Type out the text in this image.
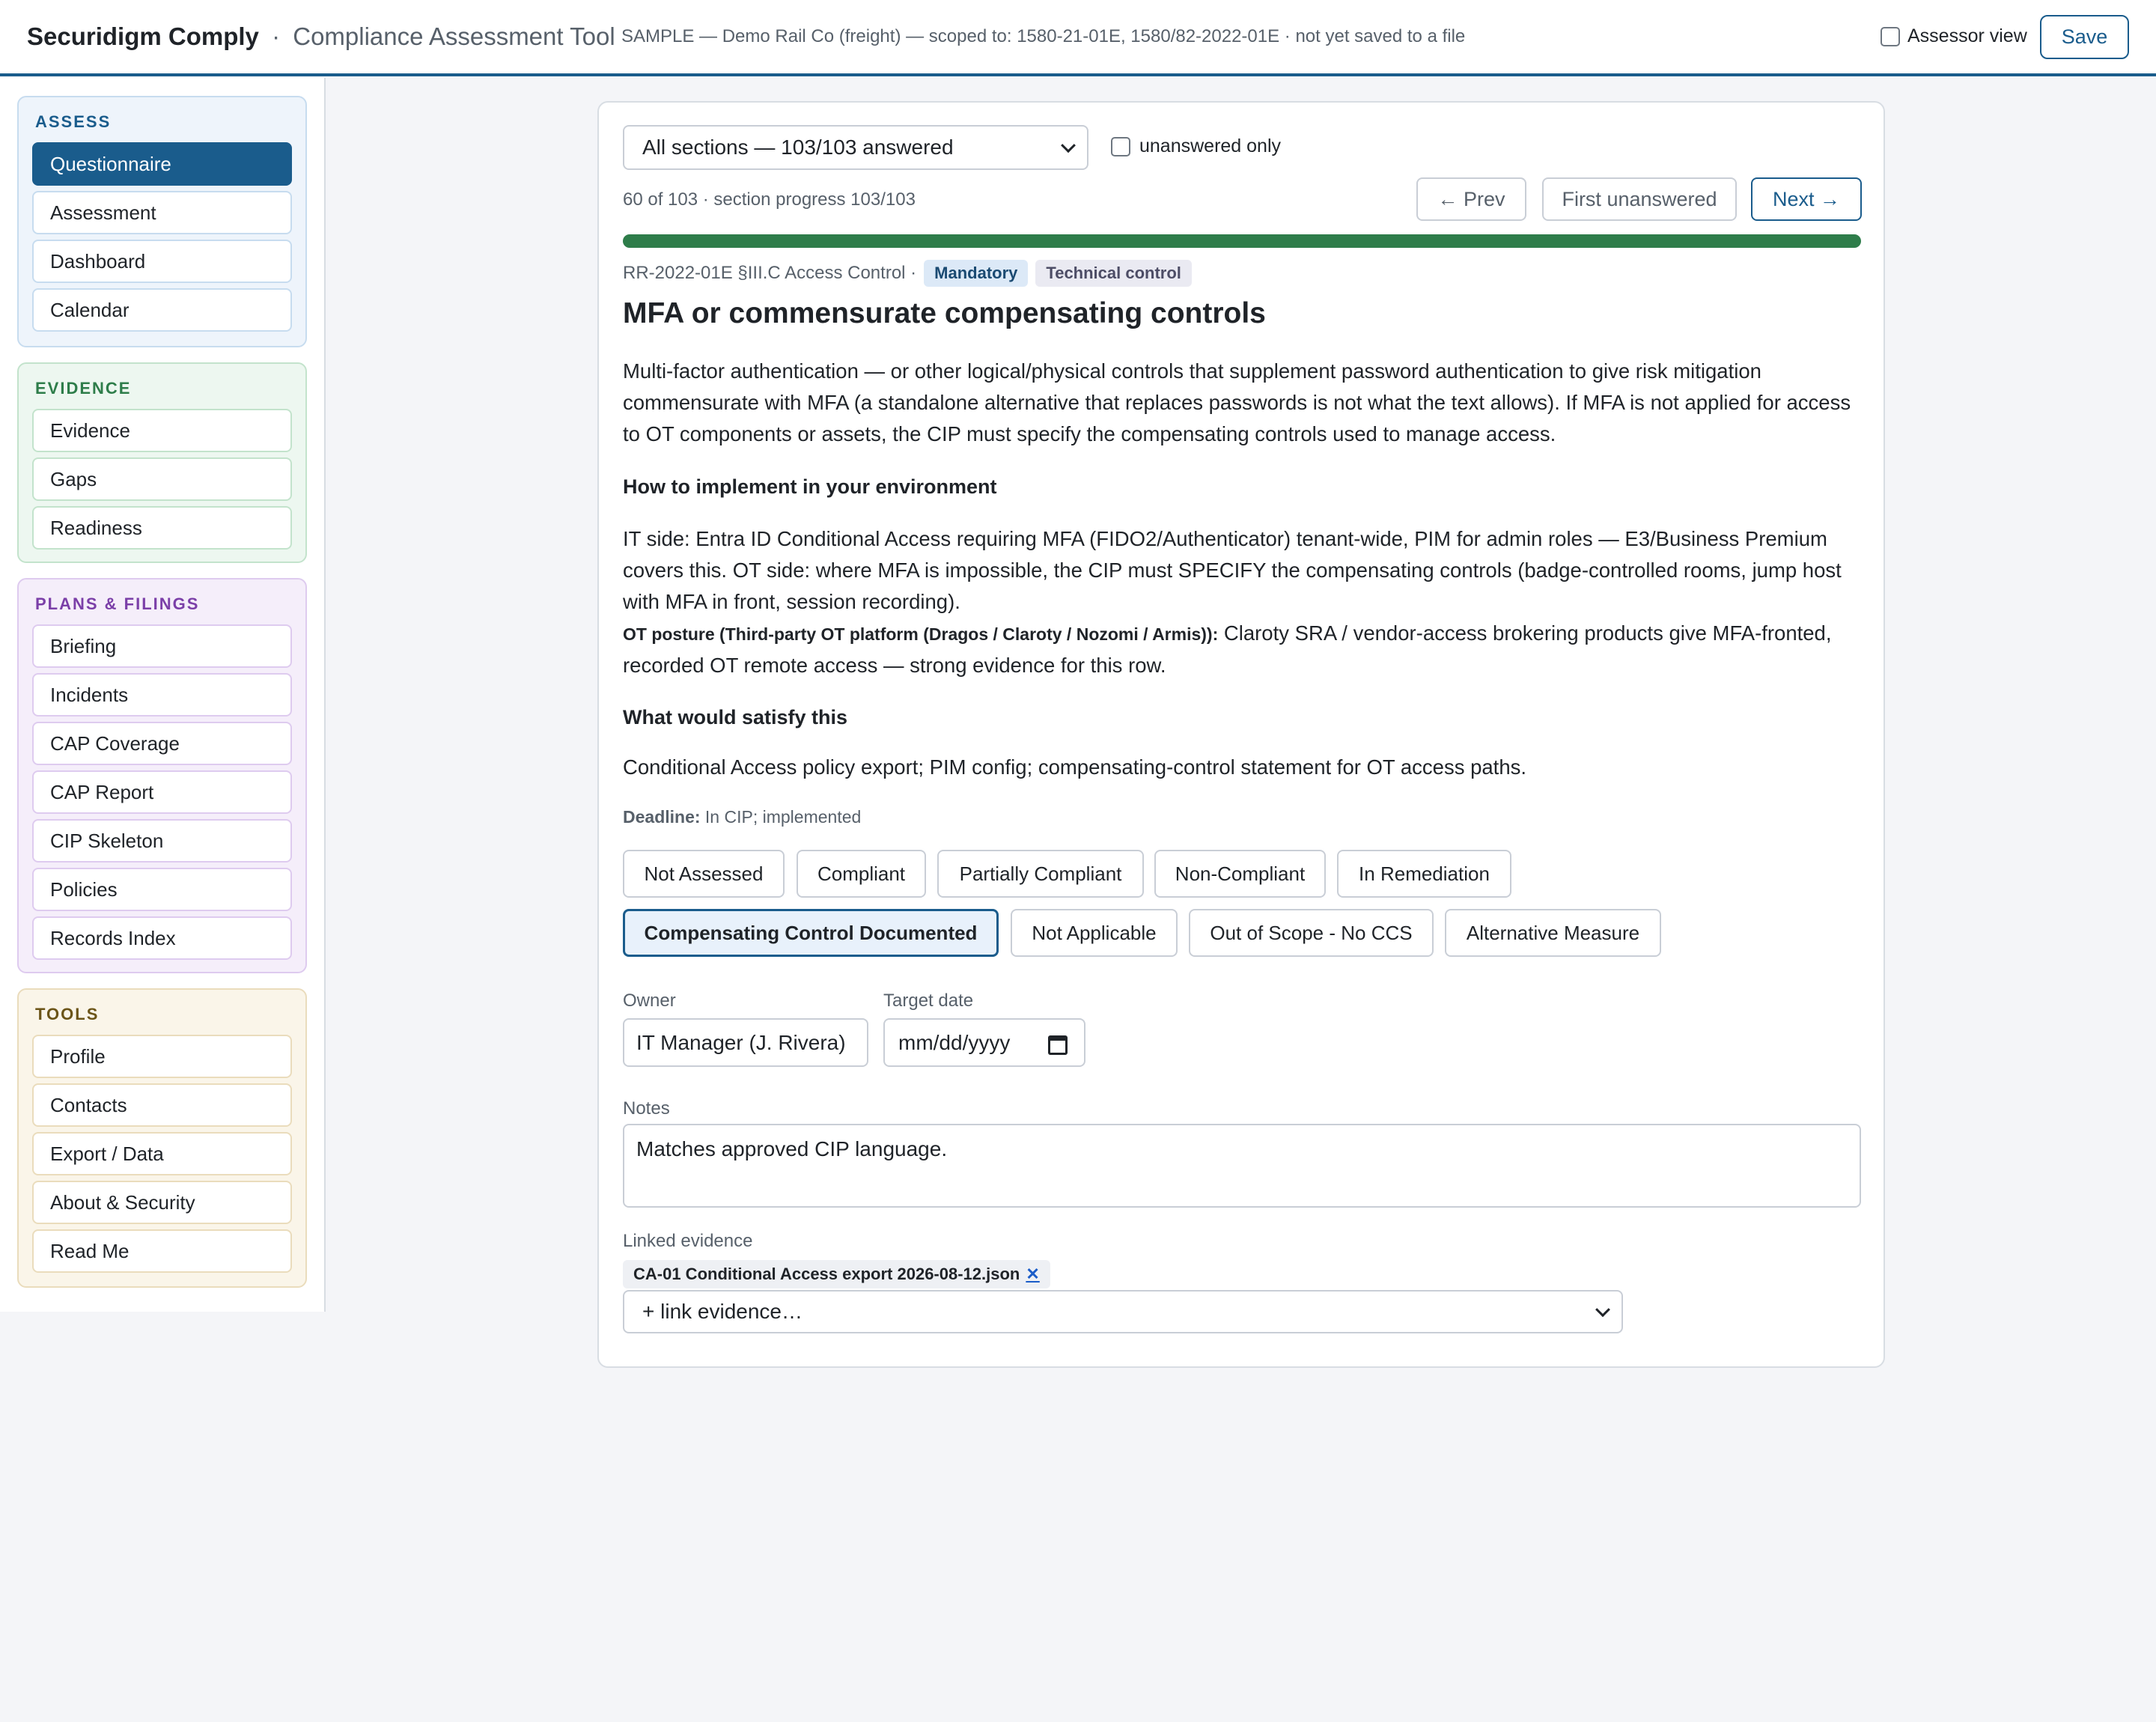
Securidigm Comply · Compliance Assessment Tool SAMPLE — Demo Rail Co (freight) — scoped to: 1580-21-01E, 1580/82-2022-01E · not yet saved to a file	Assessor view	Save
ASSESS
Questionnaire
Assessment
Dashboard
Calendar
EVIDENCE
Evidence
Gaps
Readiness
PLANS & FILINGS
Briefing
Incidents
CAP Coverage
CAP Report
CIP Skeleton
Policies
Records Index
TOOLS
Profile
Contacts
Export / Data
About & Security
Read Me
All sections — 103/103 answered	unanswered only
60 of 103 · section progress 103/103	← Prev	First unanswered	Next →
RR-2022-01E §III.C Access Control ·	Mandatory	Technical control
MFA or commensurate compensating controls
Multi-factor authentication — or other logical/physical controls that supplement password authentication to give risk mitigation commensurate with MFA (a standalone alternative that replaces passwords is not what the text allows). If MFA is not applied for access to OT components or assets, the CIP must specify the compensating controls used to manage access.
How to implement in your environment
IT side: Entra ID Conditional Access requiring MFA (FIDO2/Authenticator) tenant-wide, PIM for admin roles — E3/Business Premium covers this. OT side: where MFA is impossible, the CIP must SPECIFY the compensating controls (badge-controlled rooms, jump host with MFA in front, session recording).
OT posture (Third-party OT platform (Dragos / Claroty / Nozomi / Armis)): Claroty SRA / vendor-access brokering products give MFA-fronted, recorded OT remote access — strong evidence for this row.
What would satisfy this
Conditional Access policy export; PIM config; compensating-control statement for OT access paths.
Deadline: In CIP; implemented
Not Assessed	Compliant	Partially Compliant	Non-Compliant	In Remediation
Compensating Control Documented	Not Applicable	Out of Scope - No CCS	Alternative Measure
Owner
IT Manager (J. Rivera)
Target date
mm/dd/yyyy
Notes
Matches approved CIP language.
Linked evidence
CA-01 Conditional Access export 2026-08-12.json ✕
+ link evidence…
